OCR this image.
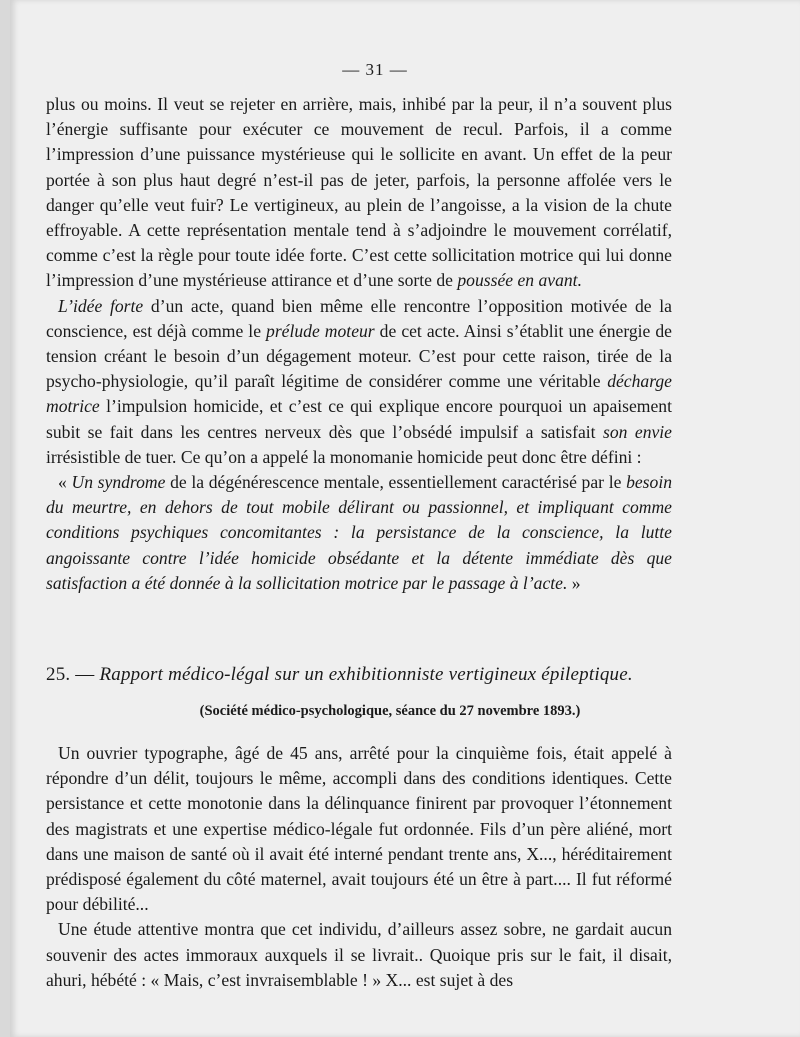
— 31 —

plus ou moins. Il veut se rejeter en arrière, mais, inhibé par la peur, il n’a souvent plus l’énergie suffisante pour exécuter ce mouvement de recul. Parfois, il a comme l’impression d’une puissance mystérieuse qui le sollicite en avant. Un effet de la peur portée à son plus haut degré n’est-il pas de jeter, parfois, la personne affolée vers le danger qu’elle veut fuir? Le vertigineux, au plein de l’angoisse, a la vision de la chute effroyable. A cette représentation mentale tend à s’adjoindre le mouvement corrélatif, comme c’est la règle pour toute idée forte. C’est cette sollicitation motrice qui lui donne l’impression d’une mystérieuse attirance et d’une sorte de poussée en avant.

L’idée forte d’un acte, quand bien même elle rencontre l’opposition motivée de la conscience, est déjà comme le prélude moteur de cet acte. Ainsi s’établit une énergie de tension créant le besoin d’un dégagement moteur. C’est pour cette raison, tirée de la psycho-physiologie, qu’il paraît légitime de considérer comme une véritable décharge motrice l’impulsion homicide, et c’est ce qui explique encore pourquoi un apaisement subit se fait dans les centres nerveux dès que l’obsédé impulsif a satisfait son envie irrésistible de tuer. Ce qu’on a appelé la monomanie homicide peut donc être défini :

« Un syndrome de la dégénérescence mentale, essentiellement caractérisé par le besoin du meurtre, en dehors de tout mobile délirant ou passionnel, et impliquant comme conditions psychiques concomitantes : la persistance de la conscience, la lutte angoissante contre l’idée homicide obsédante et la détente immédiate dès que satisfaction a été donnée à la sollicitation motrice par le passage à l’acte. »

25. — Rapport médico-légal sur un exhibitionniste vertigineux épileptique.
(Société médico-psychologique, séance du 27 novembre 1893.)

Un ouvrier typographe, âgé de 45 ans, arrêté pour la cinquième fois, était appelé à répondre d’un délit, toujours le même, accompli dans des conditions identiques. Cette persistance et cette monotonie dans la délinquance finirent par provoquer l’étonnement des magistrats et une expertise médico-légale fut ordonnée. Fils d’un père aliéné, mort dans une maison de santé où il avait été interné pendant trente ans, X..., héréditairement prédisposé également du côté maternel, avait toujours été un être à part.... Il fut réformé pour débilité...

Une étude attentive montra que cet individu, d’ailleurs assez sobre, ne gardait aucun souvenir des actes immoraux auxquels il se livrait.. Quoique pris sur le fait, il disait, ahuri, hébété : « Mais, c’est invraisemblable ! » X... est sujet à des
